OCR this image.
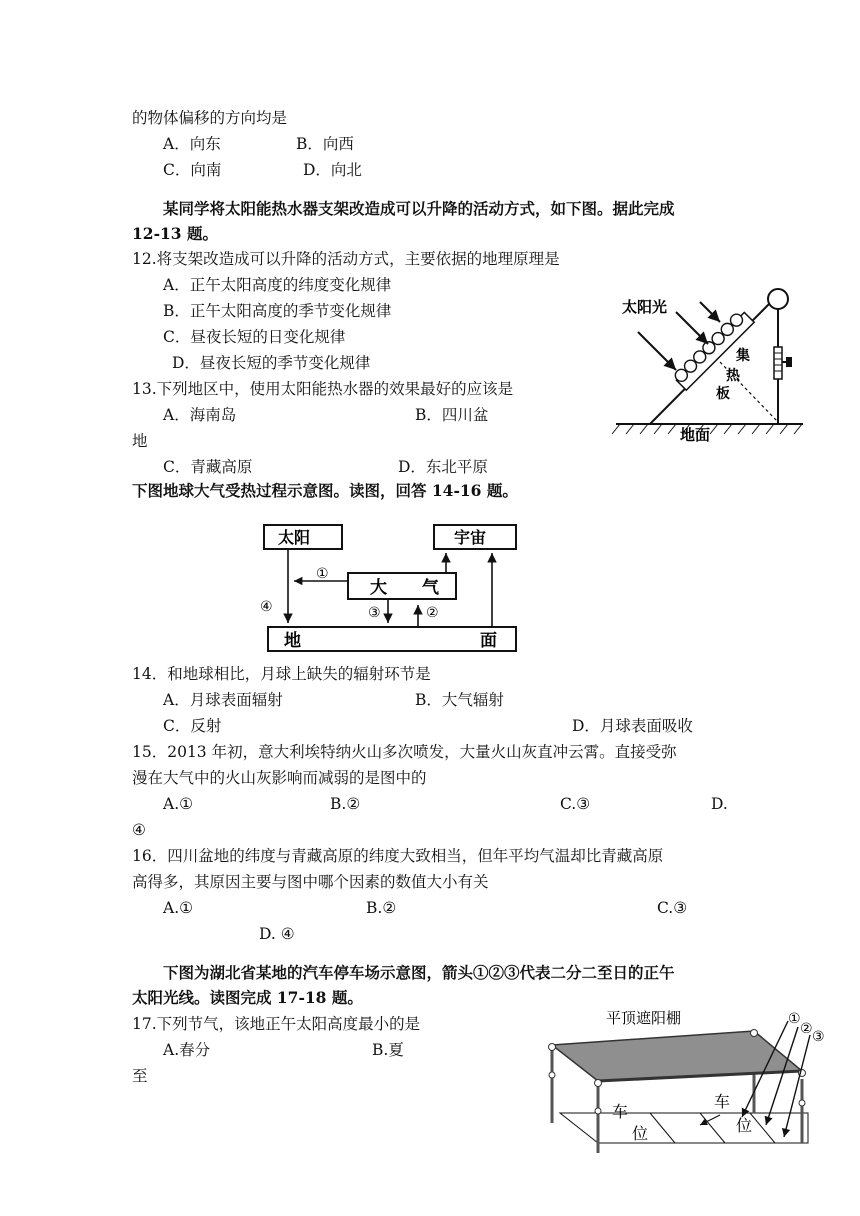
的物体偏移的方向均是
A．向东	B．向西
C．向南	D．向北
某同学将太阳能热水器支架改造成可以升降的活动方式，如下图。据此完成
12-13 题。
12.将支架改造成可以升降的活动方式，主要依据的地理原理是
A．正午太阳高度的纬度变化规律
B．正午太阳高度的季节变化规律
C．昼夜长短的日变化规律
D．昼夜长短的季节变化规律
13.下列地区中，使用太阳能热水器的效果最好的应该是
A．海南岛	B．四川盆
地
C．青藏高原	D．东北平原
下图地球大气受热过程示意图。读图，回答 14-16 题。
14．和地球相比，月球上缺失的辐射环节是
A．月球表面辐射	B．大气辐射
C．反射	D．月球表面吸收
15．2013 年初，意大利埃特纳火山多次喷发，大量火山灰直冲云霄。直接受弥
漫在大气中的火山灰影响而减弱的是图中的
A.①	B.②	C.③	D.
④
16．四川盆地的纬度与青藏高原的纬度大致相当，但年平均气温却比青藏高原
高得多，其原因主要与图中哪个因素的数值大小有关
A.①	B.②	C.③
D. ④
下图为湖北省某地的汽车停车场示意图，箭头①②③代表二分二至日的正午
太阳光线。读图完成 17-18 题。
17.下列节气，该地正午太阳高度最小的是
A.春分	B.夏
至
太阳光
集
热
板
地面
太阳	宇宙
大 气
地	面
①
②
③
④
①
② ③
平顶遮阳棚
车
位
车
位
